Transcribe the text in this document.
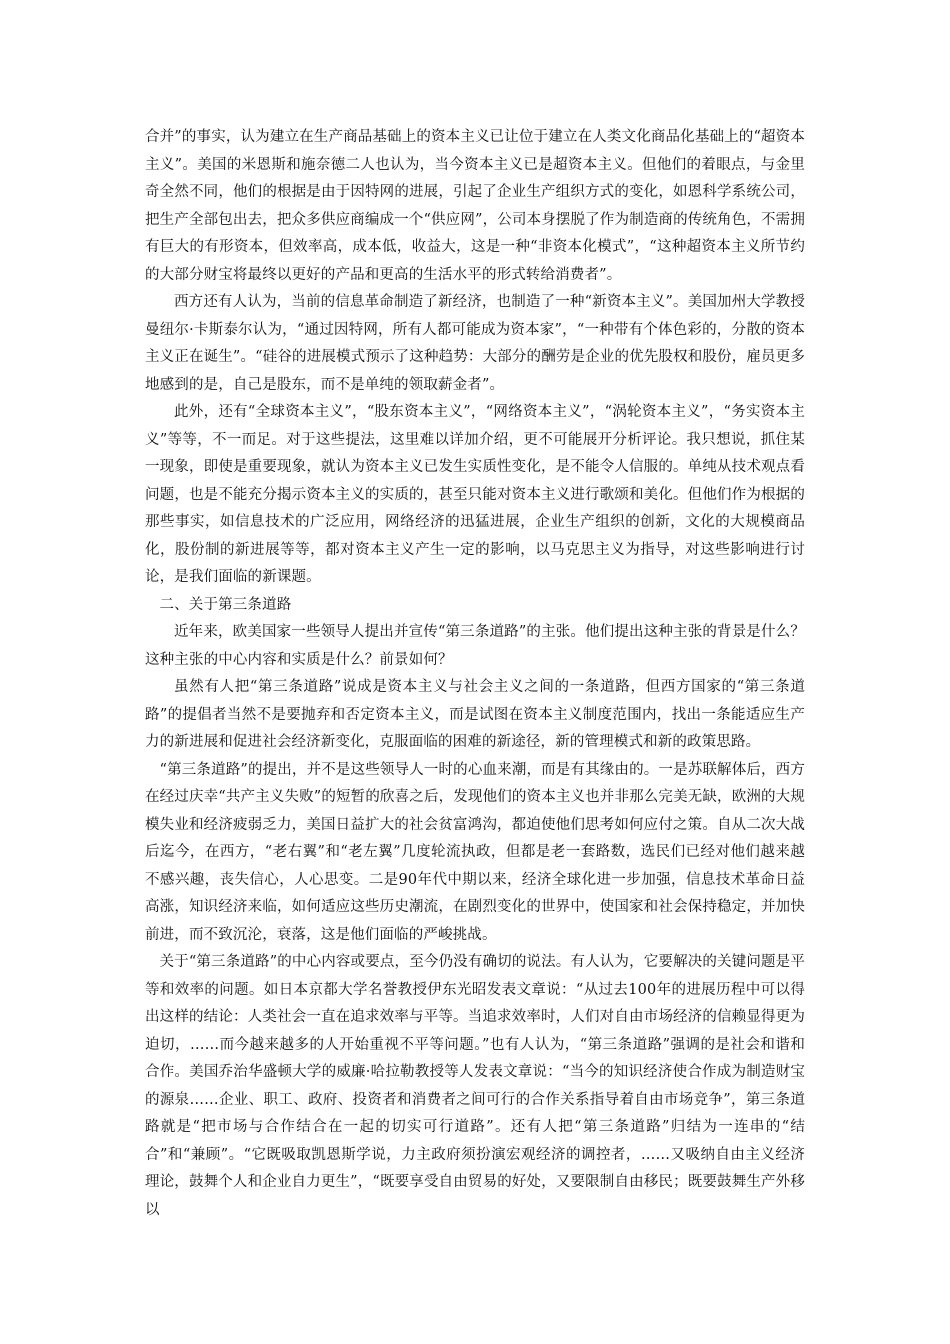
合并”的事实，认为建立在生产商品基础上的资本主义已让位于建立在人类文化商品化基础上的“超资本主义”。美国的米恩斯和施奈德二人也认为，当今资本主义已是超资本主义。但他们的着眼点，与金里奇全然不同，他们的根据是由于因特网的进展，引起了企业生产组织方式的变化，如恩科学系统公司，把生产全部包出去，把众多供应商编成一个“供应网”，公司本身摆脱了作为制造商的传统角色，不需拥有巨大的有形资本，但效率高，成本低，收益大，这是一种“非资本化模式”，“这种超资本主义所节约的大部分财宝将最终以更好的产品和更高的生活水平的形式转给消费者”。

西方还有人认为，当前的信息革命制造了新经济，也制造了一种“新资本主义”。美国加州大学教授曼纽尔·卡斯泰尔认为，“通过因特网，所有人都可能成为资本家”，“一种带有个体色彩的，分散的资本主义正在诞生”。“硅谷的进展模式预示了这种趋势：大部分的酬劳是企业的优先股权和股份，雇员更多地感到的是，自己是股东，而不是单纯的领取薪金者”。

此外，还有“全球资本主义”，“股东资本主义”，“网络资本主义”，“涡轮资本主义”，“务实资本主义”等等，不一而足。对于这些提法，这里难以详加介绍，更不可能展开分析评论。我只想说，抓住某一现象，即使是重要现象，就认为资本主义已发生实质性变化，是不能令人信服的。单纯从技术观点看问题，也是不能充分揭示资本主义的实质的，甚至只能对资本主义进行歌颂和美化。但他们作为根据的那些事实，如信息技术的广泛应用，网络经济的迅猛进展，企业生产组织的创新，文化的大规模商品化，股份制的新进展等等，都对资本主义产生一定的影响，以马克思主义为指导，对这些影响进行讨论，是我们面临的新课题。

二、关于第三条道路

近年来，欧美国家一些领导人提出并宣传“第三条道路”的主张。他们提出这种主张的背景是什么？这种主张的中心内容和实质是什么？前景如何？

虽然有人把“第三条道路”说成是资本主义与社会主义之间的一条道路，但西方国家的“第三条道路”的提倡者当然不是要抛弃和否定资本主义，而是试图在资本主义制度范围内，找出一条能适应生产力的新进展和促进社会经济新变化，克服面临的困难的新途径，新的管理模式和新的政策思路。

“第三条道路”的提出，并不是这些领导人一时的心血来潮，而是有其缘由的。一是苏联解体后，西方在经过庆幸“共产主义失败”的短暂的欣喜之后，发现他们的资本主义也并非那么完美无缺，欧洲的大规模失业和经济疲弱乏力，美国日益扩大的社会贫富鸿沟，都迫使他们思考如何应付之策。自从二次大战后迄今，在西方，“老右翼”和“老左翼”几度轮流执政，但都是老一套路数，选民们已经对他们越来越不感兴趣，丧失信心，人心思变。二是90年代中期以来，经济全球化进一步加强，信息技术革命日益高涨，知识经济来临，如何适应这些历史潮流，在剧烈变化的世界中，使国家和社会保持稳定，并加快前进，而不致沉沦，衰落，这是他们面临的严峻挑战。

关于“第三条道路”的中心内容或要点，至今仍没有确切的说法。有人认为，它要解决的关键问题是平等和效率的问题。如日本京都大学名誉教授伊东光昭发表文章说：“从过去100年的进展历程中可以得出这样的结论：人类社会一直在追求效率与平等。当追求效率时，人们对自由市场经济的信赖显得更为迫切，……而今越来越多的人开始重视不平等问题。”也有人认为，“第三条道路”强调的是社会和谐和合作。美国乔治华盛顿大学的威廉·哈拉勒教授等人发表文章说：“当今的知识经济使合作成为制造财宝的源泉……企业、职工、政府、投资者和消费者之间可行的合作关系指导着自由市场竞争”，第三条道路就是“把市场与合作结合在一起的切实可行道路”。还有人把“第三条道路”归结为一连串的“结合”和“兼顾”。“它既吸取凯恩斯学说，力主政府须扮演宏观经济的调控者，……又吸纳自由主义经济理论，鼓舞个人和企业自力更生”，“既要享受自由贸易的好处，又要限制自由移民；既要鼓舞生产外移以
